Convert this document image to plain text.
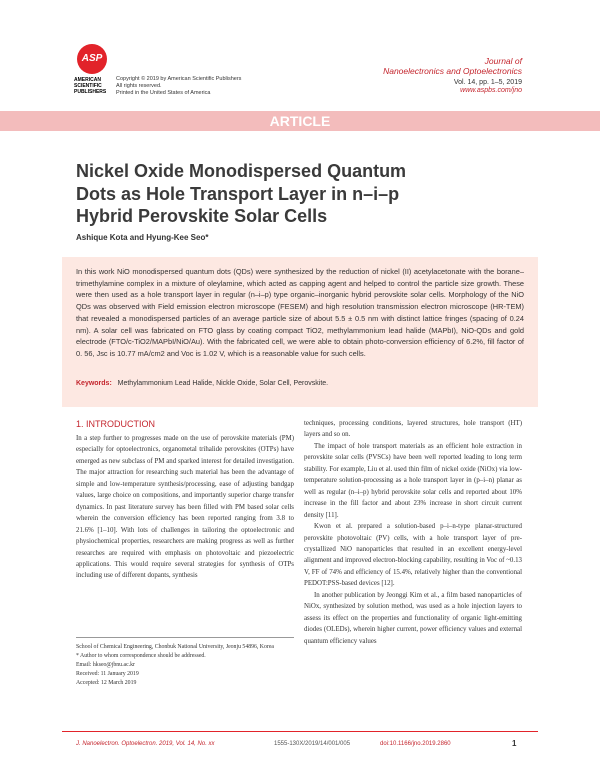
ASP
AMERICAN
SCIENTIFIC
PUBLISHERS
Copyright © 2019 by American Scientific Publishers
All rights reserved.
Printed in the United States of America
Journal of
Nanoelectronics and Optoelectronics
Vol. 14, pp. 1–5, 2019
www.aspbs.com/jno
ARTICLE
Nickel Oxide Monodispersed Quantum
Dots as Hole Transport Layer in n–i–p
Hybrid Perovskite Solar Cells
Ashique Kota and Hyung-Kee Seo*
In this work NiO monodispersed quantum dots (QDs) were synthesized by the reduction of nickel (II) acetylacetonate with the borane–trimethylamine complex in a mixture of oleylamine, which acted as capping agent and helped to control the particle size growth. These were then used as a hole transport layer in regular (n–i–p) type organic–inorganic hybrid perovskite solar cells. Morphology of the NiO QDs was observed with Field emission electron microscope (FESEM) and high resolution transmission electron microscope (HR-TEM) that revealed a monodispersed particles of an average particle size of about 5.5 ± 0.5 nm with distinct lattice fringes (spacing of 0.24 nm). A solar cell was fabricated on FTO glass by coating compact TiO2, methylammonium lead halide (MAPbI), NiO-QDs and gold electrode (FTO/c-TiO2/MAPbI/NiO/Au). With the fabricated cell, we were able to obtain photo-conversion efficiency of 6.2%, fill factor of 0. 56, Jsc is 10.77 mA/cm2 and Voc is 1.02 V, which is a reasonable value for such cells.
Keywords: Methylammonium Lead Halide, Nickle Oxide, Solar Cell, Perovskite.
1. INTRODUCTION

In a step further to progresses made on the use of perovskite materials (PM) especially for optoelectronics, organometal trihalide perovskites (OTPs) have emerged as new subclass of PM and sparked interest for detailed investigation. The major attraction for researching such material has been the advantage of simple and low-temperature synthesis/processing, ease of adjusting bandgap values, large choice on compositions, and importantly superior charge transfer dynamics. In past literature survey has been filled with PM based solar cells wherein the conversion efficiency has been reported ranging from 3.8 to 21.6% [1–10]. With lots of challenges in tailoring the optoelectronic and physiochemical properties, researchers are making progress as well as further researches are required with emphasis on photovoltaic and piezoelectric applications. This would require several strategies for synthesis of OTPs including use of different dopants, synthesis

School of Chemical Engineering, Chonbuk National University, Jeonju 54896, Korea
* Author to whom correspondence should be addressed.
Email: hkseo@jbnu.ac.kr
Received: 11 January 2019
Accepted: 12 March 2019

techniques, processing conditions, layered structures, hole transport (HT) layers and so on.

The impact of hole transport materials as an efficient hole extraction in perovskite solar cells (PVSCs) have been well reported leading to long term stability. For example, Liu et al. used thin film of nickel oxide (NiOx) via low-temperature solution-processing as a hole transport layer in (p–i–n) planar as well as regular (n–i–p) hybrid perovskite solar cells and reported about 10% increase in the fill factor and about 23% increase in short circuit current density [11].

Kwon et al. prepared a solution-based p–i–n-type planar-structured perovskite photovoltaic (PV) cells, with a hole transport layer of pre-crystallized NiO nanoparticles that resulted in an excellent energy-level alignment and improved electron-blocking capability, resulting in Voc of ~0.13 V, FF of 74% and efficiency of 15.4%, relatively higher than the conventional PEDOT:PSS-based devices [12].

In another publication by Jeonggi Kim et al., a film based nanoparticles of NiOx, synthesized by solution method, was used as a hole injection layers to assess its effect on the properties and functionality of organic light-emitting diodes (OLEDs), wherein higher current, power efficiency values and external quantum efficiency values

J. Nanoelectron. Optoelectron. 2019, Vol. 14, No. xx	1555-130X/2019/14/001/005	doi:10.1166/jno.2019.2860	1
